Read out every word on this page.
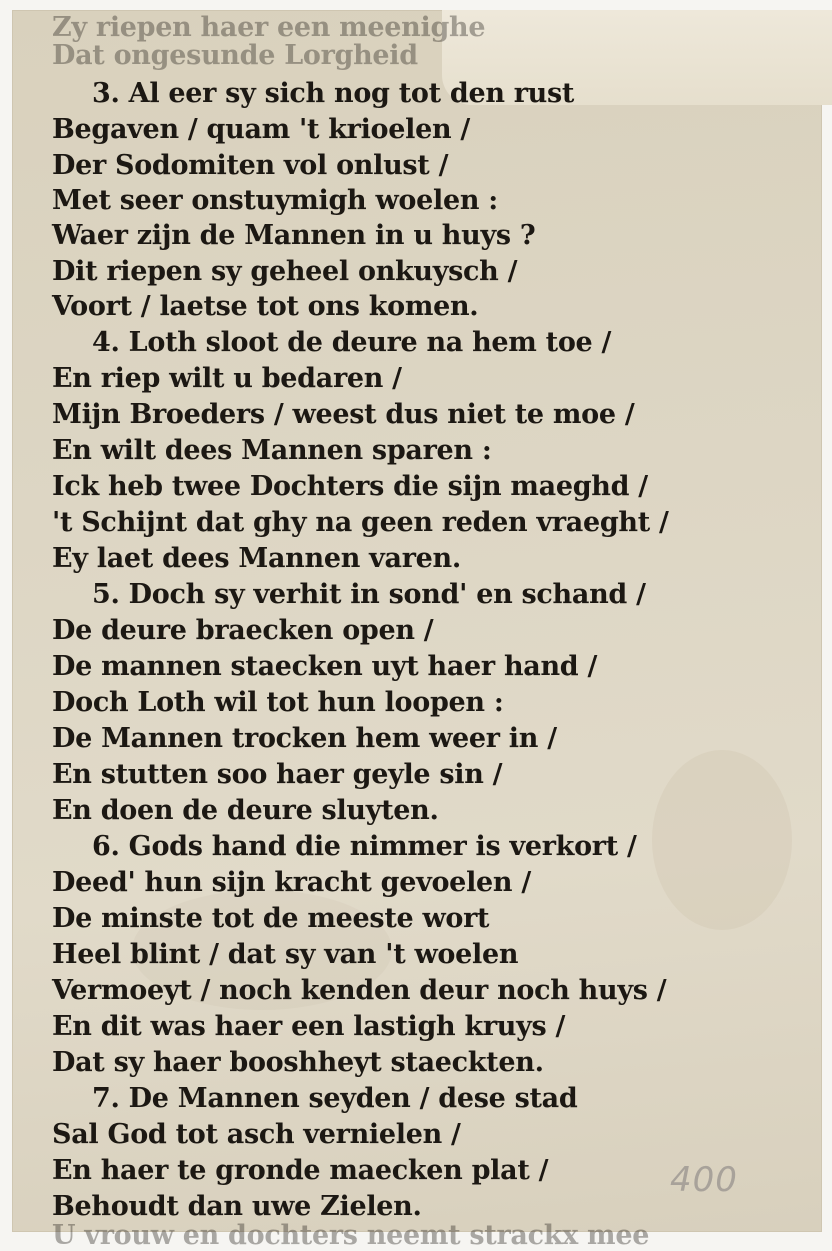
Zy riepen haer een meenighe
Dat ongesunde Lorgheid
3. Al eer sy sich nog tot den rust
Begaven / quam 't krioelen /
Der Sodomiten vol onlust /
Met seer onstuymigh woelen :
Waer zijn de Mannen in u huys ?
Dit riepen sy geheel onkuysch /
Voort / laetse tot ons komen.
4. Loth sloot de deure na hem toe /
En riep wilt u bedaren /
Mijn Broeders / weest dus niet te moe /
En wilt dees Mannen sparen :
Ick heb twee Dochters die sijn maeghd /
't Schijnt dat ghy na geen reden vraeght /
Ey laet dees Mannen varen.
5. Doch sy verhit in sond' en schand /
De deure braecken open /
De mannen staecken uyt haer hand /
Doch Loth wil tot hun loopen :
De Mannen trocken hem weer in /
En stutten soo haer geyle sin /
En doen de deure sluyten.
6. Gods hand die nimmer is verkort /
Deed' hun sijn kracht gevoelen /
De minste tot de meeste wort
Heel blint / dat sy van 't woelen
Vermoeyt / noch kenden deur noch huys /
En dit was haer een lastigh kruys /
Dat sy haer booshheyt staeckten.
7. De Mannen seyden / dese stad
Sal God tot asch vernielen /
En haer te gronde maecken plat /
Behoudt dan uwe Zielen.
U vrouw en dochters neemt strackx mee
400
